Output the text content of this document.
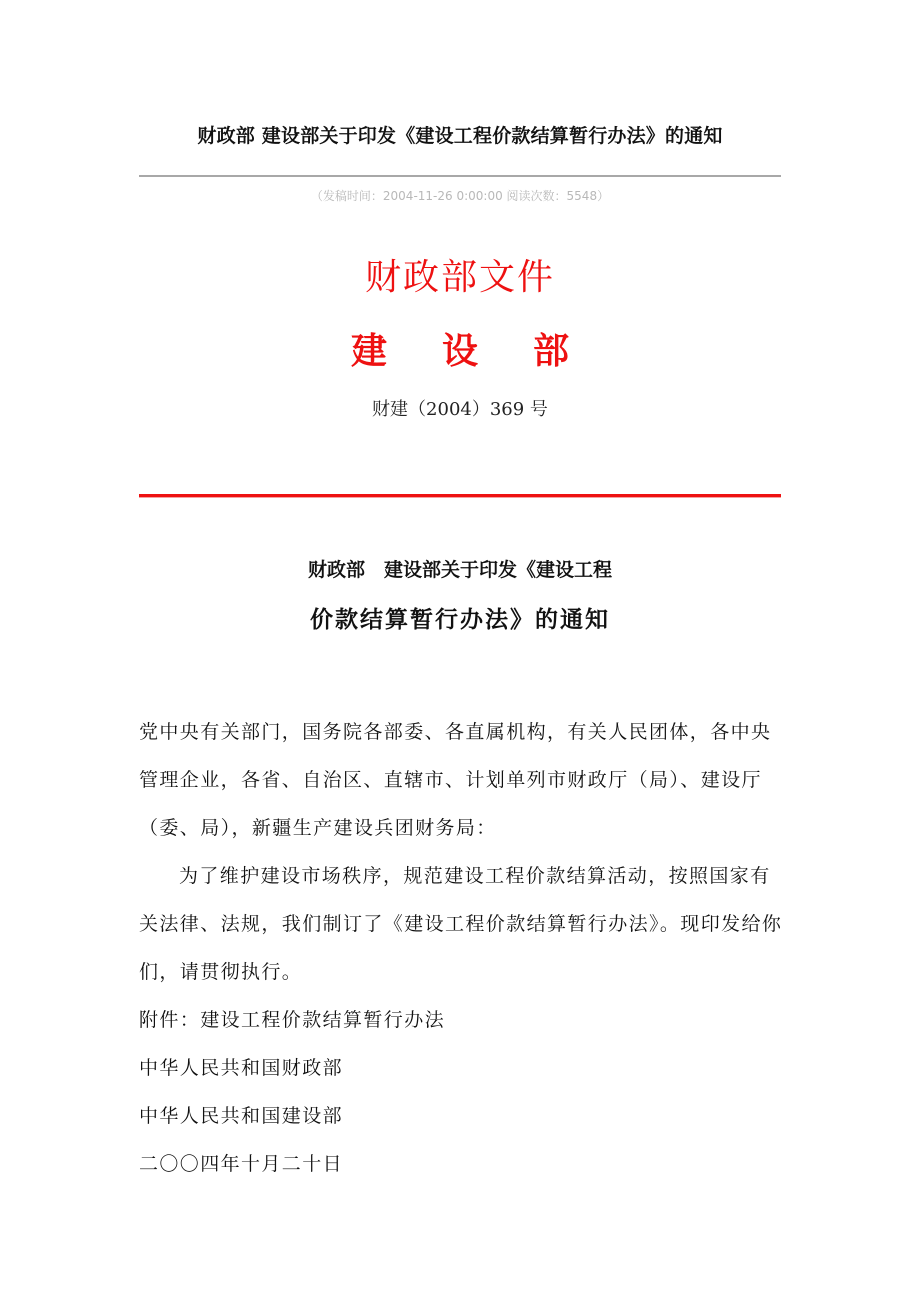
财政部 建设部关于印发《建设工程价款结算暂行办法》的通知
（发稿时间：2004-11-26 0:00:00 阅读次数：5548）
财政部文件
建设部
财建（2004）369 号
财政部　建设部关于印发《建设工程
价款结算暂行办法》的通知
党中央有关部门，国务院各部委、各直属机构，有关人民团体，各中央管理企业，各省、自治区、直辖市、计划单列市财政厅（局）、建设厅（委、局），新疆生产建设兵团财务局：
为了维护建设市场秩序，规范建设工程价款结算活动，按照国家有关法律、法规，我们制订了《建设工程价款结算暂行办法》。现印发给你们，请贯彻执行。
附件：建设工程价款结算暂行办法
中华人民共和国财政部
中华人民共和国建设部
二〇〇四年十月二十日
